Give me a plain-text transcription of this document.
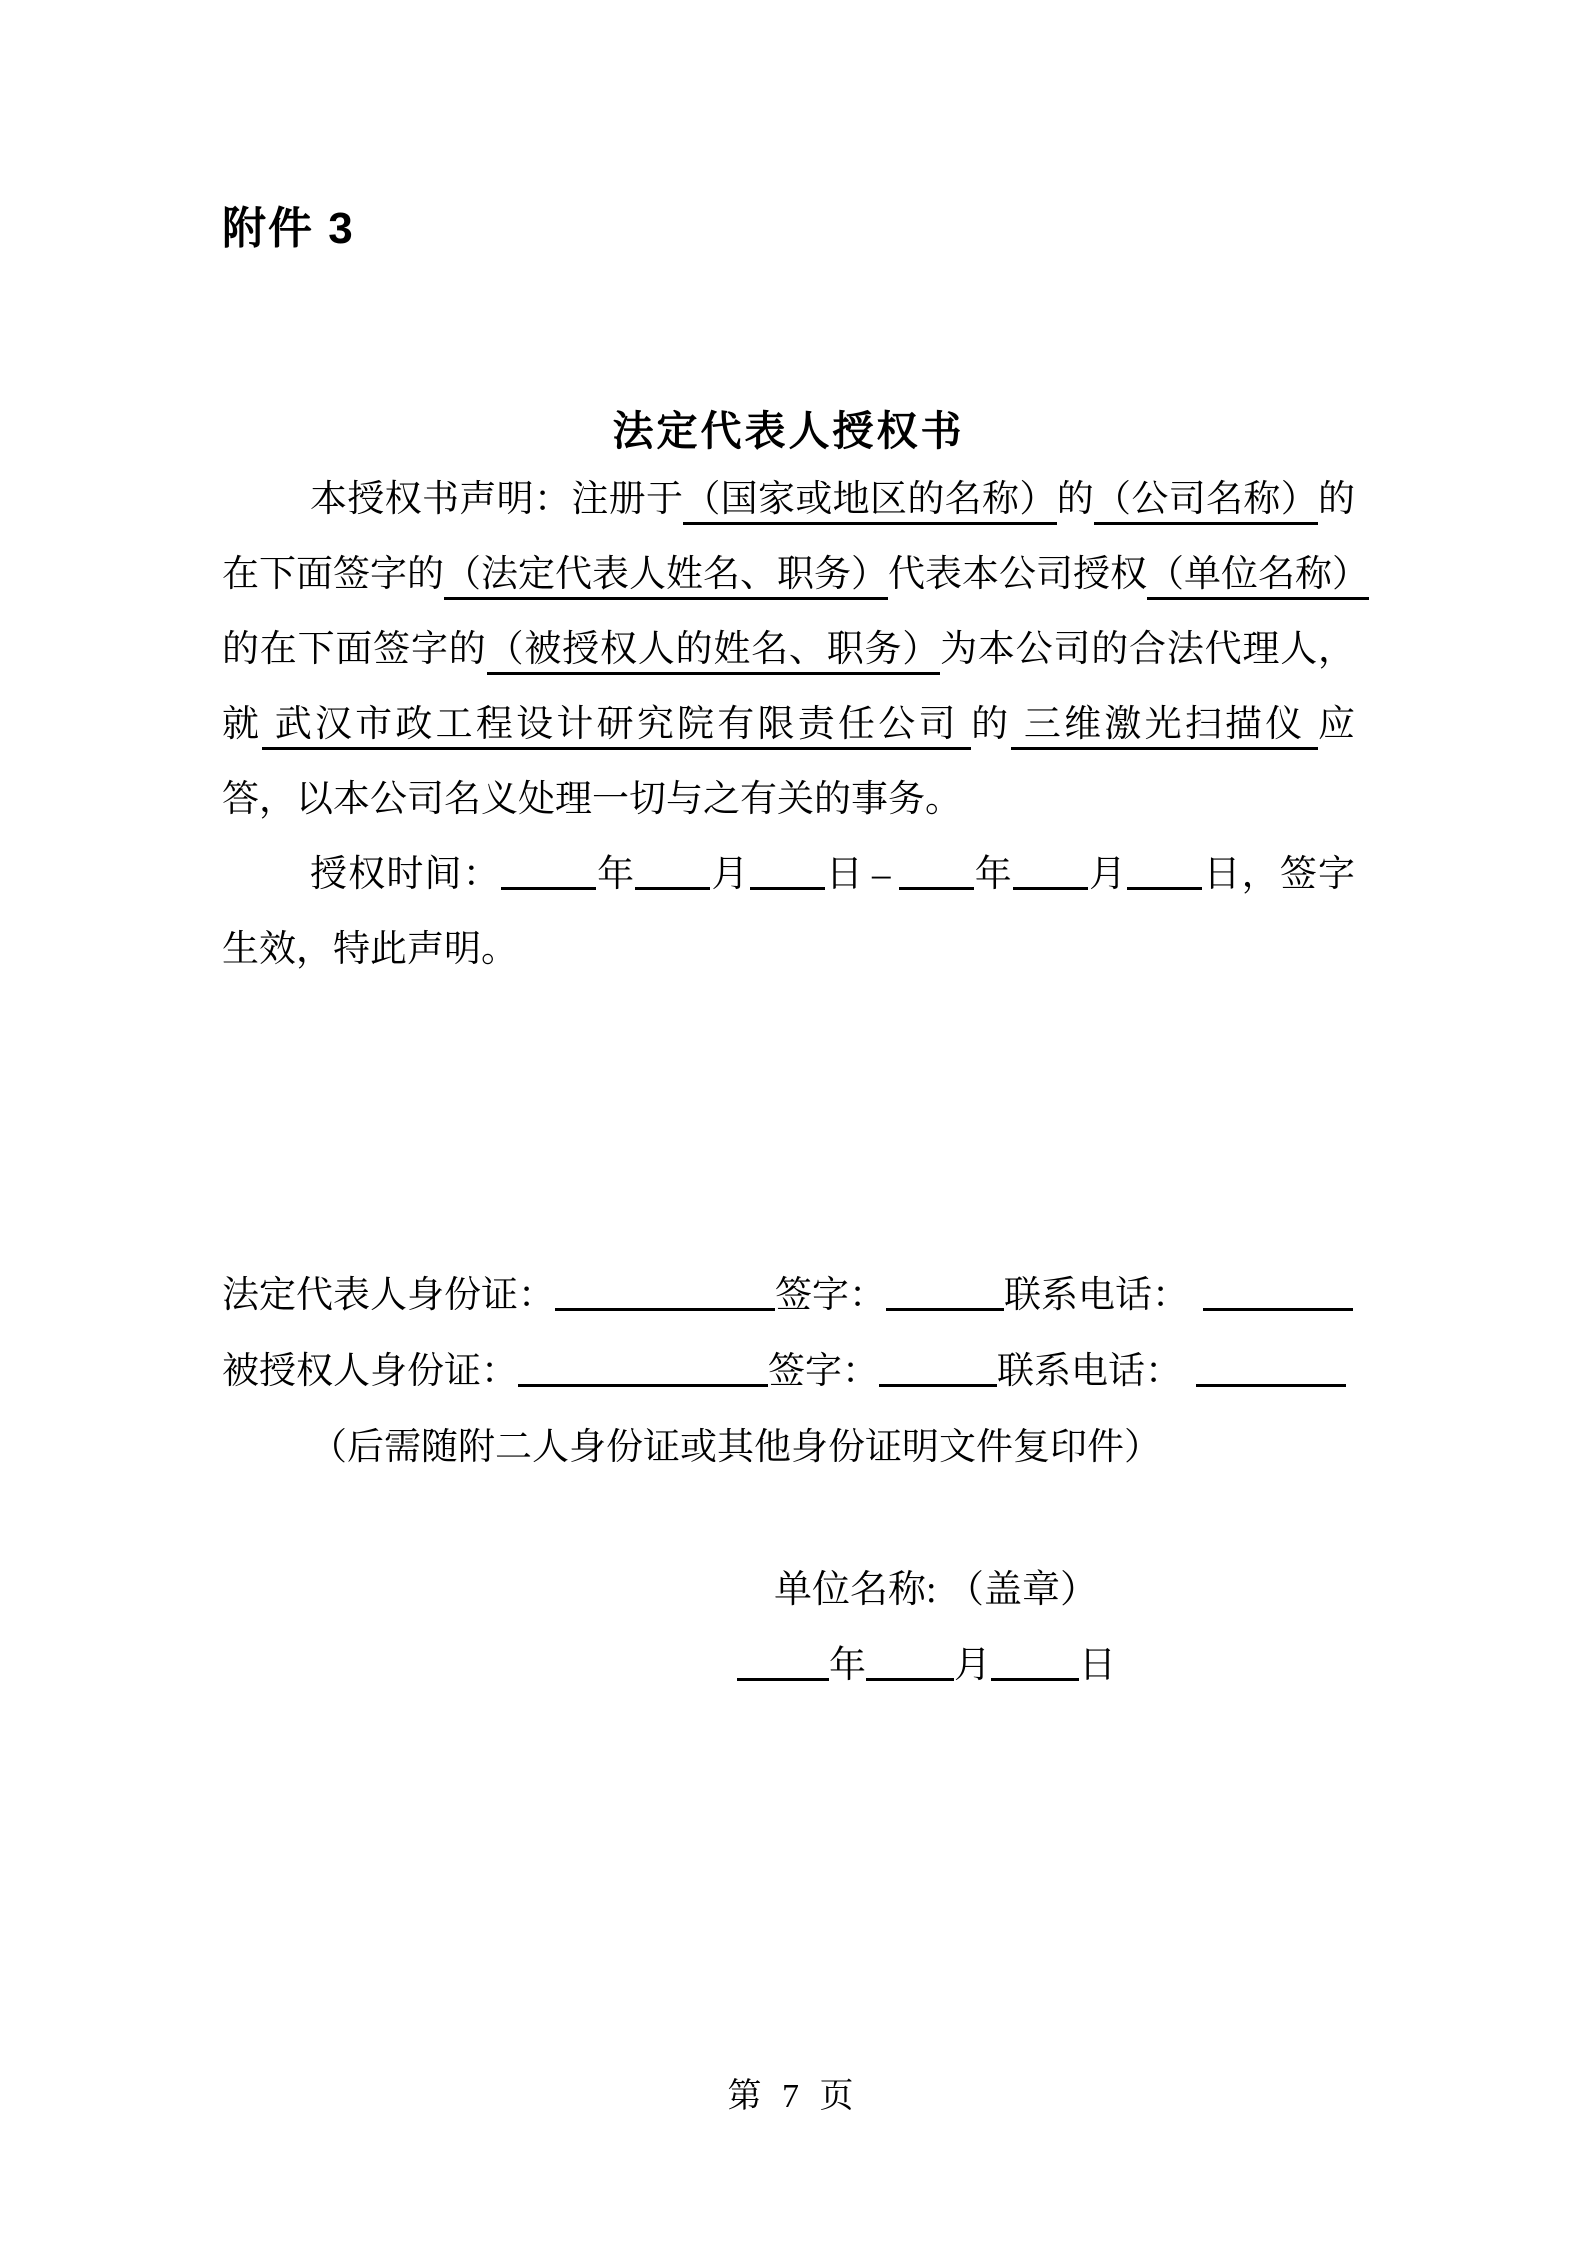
附件 3
法定代表人授权书
本授权书声明：注册于（国家或地区的名称）的（公司名称）的
在下面签字的（法定代表人姓名、职务）代表本公司授权（单位名称）
的在下面签字的（被授权人的姓名、职务）为本公司的合法代理人，
就 武汉市政工程设计研究院有限责任公司 的 三维激光扫描仪 应
答，以本公司名义处理一切与之有关的事务。
授权时间：	年 月 日 – 年 月 日，签字
生效，特此声明。
法定代表人身份证：	签字：	联系电话：
被授权人身份证：	签字：	联系电话：
（后需随附二人身份证或其他身份证明文件复印件）
单位名称: （盖章）
年 月 日
第 7 页
